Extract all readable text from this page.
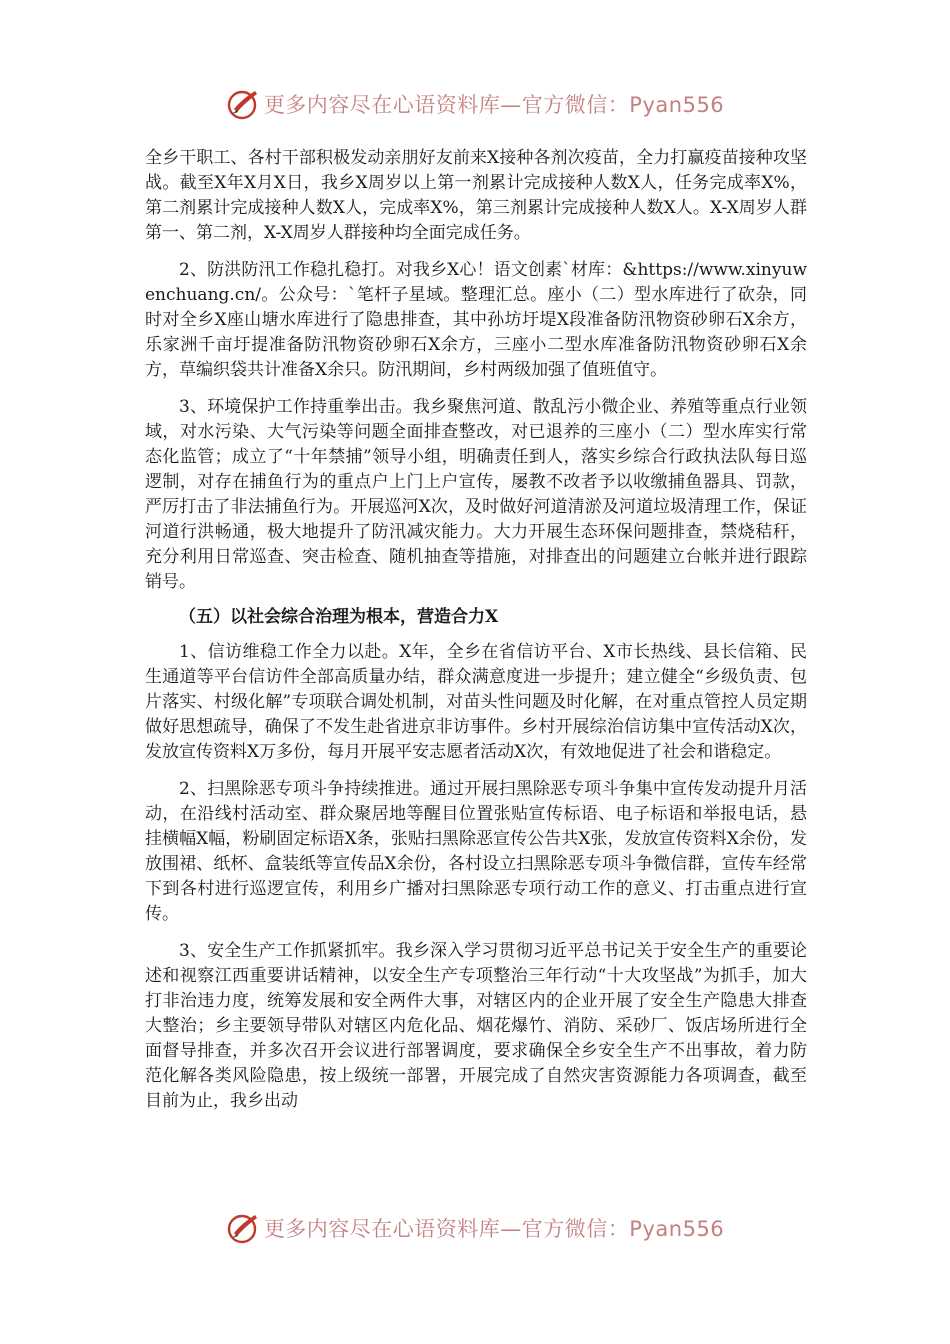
更多内容尽在心语资料库—官方微信：Pyan556

全乡干职工、各村干部积极发动亲朋好友前来X接种各剂次疫苗，全力打赢疫苗接种攻坚战。截至X年X月X日，我乡X周岁以上第一剂累计完成接种人数X人，任务完成率X%，第二剂累计完成接种人数X人，完成率X%，第三剂累计完成接种人数X人。X-X周岁人群第一、第二剂，X-X周岁人群接种均全面完成任务。

2、防洪防汛工作稳扎稳打。对我乡X心！语文创素`材库：&https://www.xinyuwenchuang.cn/。公众号：`笔杆子星域。整理汇总。座小（二）型水库进行了砍杂，同时对全乡X座山塘水库进行了隐患排查，其中孙坊圩堤X段准备防汛物资砂卵石X余方，乐家洲千亩圩提准备防汛物资砂卵石X余方，三座小二型水库准备防汛物资砂卵石X余方，草编织袋共计准备X余只。防汛期间，乡村两级加强了值班值守。

3、环境保护工作持重拳出击。我乡聚焦河道、散乱污小微企业、养殖等重点行业领域，对水污染、大气污染等问题全面排查整改，对已退养的三座小（二）型水库实行常态化监管；成立了“十年禁捕”领导小组，明确责任到人，落实乡综合行政执法队每日巡逻制，对存在捕鱼行为的重点户上门上户宣传，屡教不改者予以收缴捕鱼器具、罚款，严厉打击了非法捕鱼行为。开展巡河X次，及时做好河道清淤及河道垃圾清理工作，保证河道行洪畅通，极大地提升了防汛减灾能力。大力开展生态环保问题排查，禁烧秸秆，充分利用日常巡查、突击检查、随机抽查等措施，对排查出的问题建立台帐并进行跟踪销号。

（五）以社会综合治理为根本，营造合力X

1、信访维稳工作全力以赴。X年，全乡在省信访平台、X市长热线、县长信箱、民生通道等平台信访件全部高质量办结，群众满意度进一步提升；建立健全“乡级负责、包片落实、村级化解”专项联合调处机制，对苗头性问题及时化解，在对重点管控人员定期做好思想疏导，确保了不发生赴省进京非访事件。乡村开展综治信访集中宣传活动X次，发放宣传资料X万多份，每月开展平安志愿者活动X次，有效地促进了社会和谐稳定。

2、扫黑除恶专项斗争持续推进。通过开展扫黑除恶专项斗争集中宣传发动提升月活动，在沿线村活动室、群众聚居地等醒目位置张贴宣传标语、电子标语和举报电话，悬挂横幅X幅，粉刷固定标语X条，张贴扫黑除恶宣传公告共X张，发放宣传资料X余份，发放围裙、纸杯、盒装纸等宣传品X余份，各村设立扫黑除恶专项斗争微信群，宣传车经常下到各村进行巡逻宣传，利用乡广播对扫黑除恶专项行动工作的意义、打击重点进行宣传。

3、安全生产工作抓紧抓牢。我乡深入学习贯彻习近平总书记关于安全生产的重要论述和视察江西重要讲话精神，以安全生产专项整治三年行动“十大攻坚战”为抓手，加大打非治违力度，统筹发展和安全两件大事，对辖区内的企业开展了安全生产隐患大排查大整治；乡主要领导带队对辖区内危化品、烟花爆竹、消防、采砂厂、饭店场所进行全面督导排查，并多次召开会议进行部署调度，要求确保全乡安全生产不出事故，着力防范化解各类风险隐患，按上级统一部署，开展完成了自然灾害资源能力各项调查，截至目前为止，我乡出动

更多内容尽在心语资料库—官方微信：Pyan556
